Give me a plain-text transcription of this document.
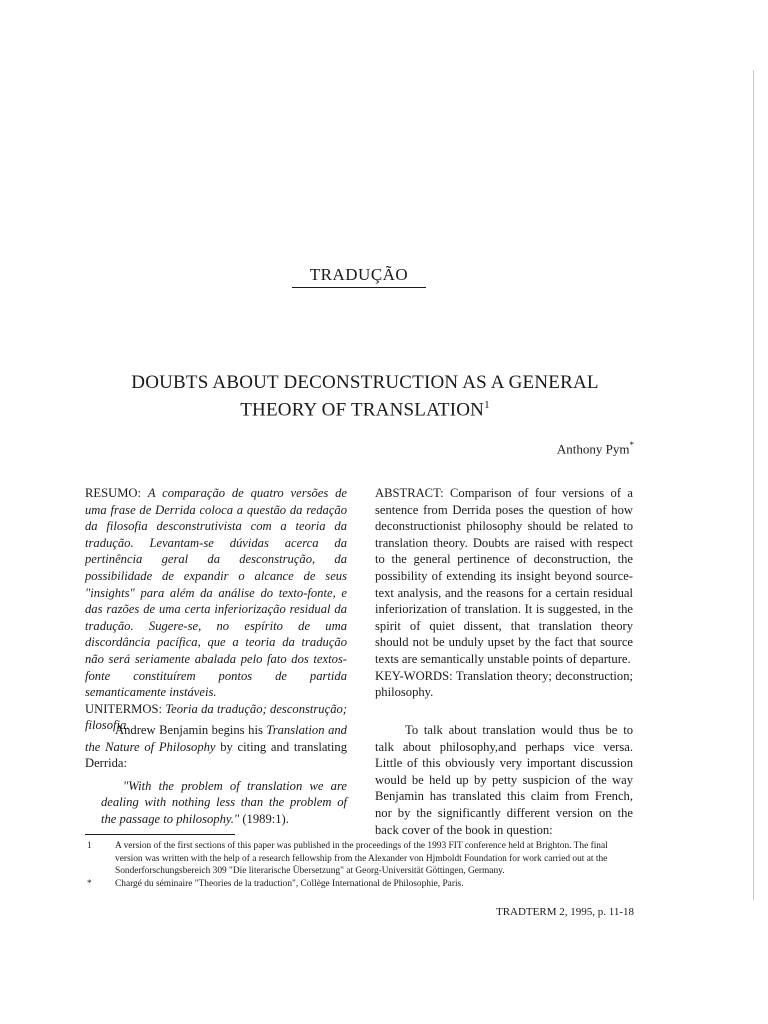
TRADUÇÃO
DOUBTS ABOUT DECONSTRUCTION AS A GENERAL THEORY OF TRANSLATION$^1$
Anthony Pym*
RESUMO: A comparação de quatro versões de uma frase de Derrida coloca a questão da redação da filosofia desconstrutivista com a teoria da tradução. Levantam-se dúvidas acerca da pertinência geral da desconstrução, da possibilidade de expandir o alcance de seus "insights" para além da análise do texto-fonte, e das razões de uma certa inferiorização residual da tradução. Sugere-se, no espírito de uma discordância pacífica, que a teoria da tradução não será seriamente abalada pelo fato dos textos-fonte constituírem pontos de partida semanticamente instáveis.
UNITERMOS: Teoria da tradução; desconstrução; filosofia.
ABSTRACT: Comparison of four versions of a sentence from Derrida poses the question of how deconstructionist philosophy should be related to translation theory. Doubts are raised with respect to the general pertinence of deconstruction, the possibility of extending its insight beyond source-text analysis, and the reasons for a certain residual inferiorization of translation. It is suggested, in the spirit of quiet dissent, that translation theory should not be unduly upset by the fact that source texts are semantically unstable points of departure.
KEY-WORDS: Translation theory; deconstruction; philosophy.

Andrew Benjamin begins his Translation and the Nature of Philosophy by citing and translating Derrida:

"With the problem of translation we are dealing with nothing less than the problem of the passage to philosophy." (1989:1).

To talk about translation would thus be to talk about philosophy,and perhaps vice versa. Little of this obviously very important discussion would be held up by petty suspicion of the way Benjamin has translated this claim from French, nor by the significantly different version on the back cover of the book in question:

1	A version of the first sections of this paper was published in the proceedings of the 1993 FIT conference held at Brighton. The final version was written with the help of a research fellowship from the Alexander von Hjmboldt Foundation for work carried out at the Sonderforschungsbereich 309 "Die literarische Übersetzung" at Georg-Universität Göttingen, Germany.
*	Chargé du séminaire "Theories de la traduction", Collège International de Philosophie, Paris.
TRADTERM 2, 1995, p. 11-18
